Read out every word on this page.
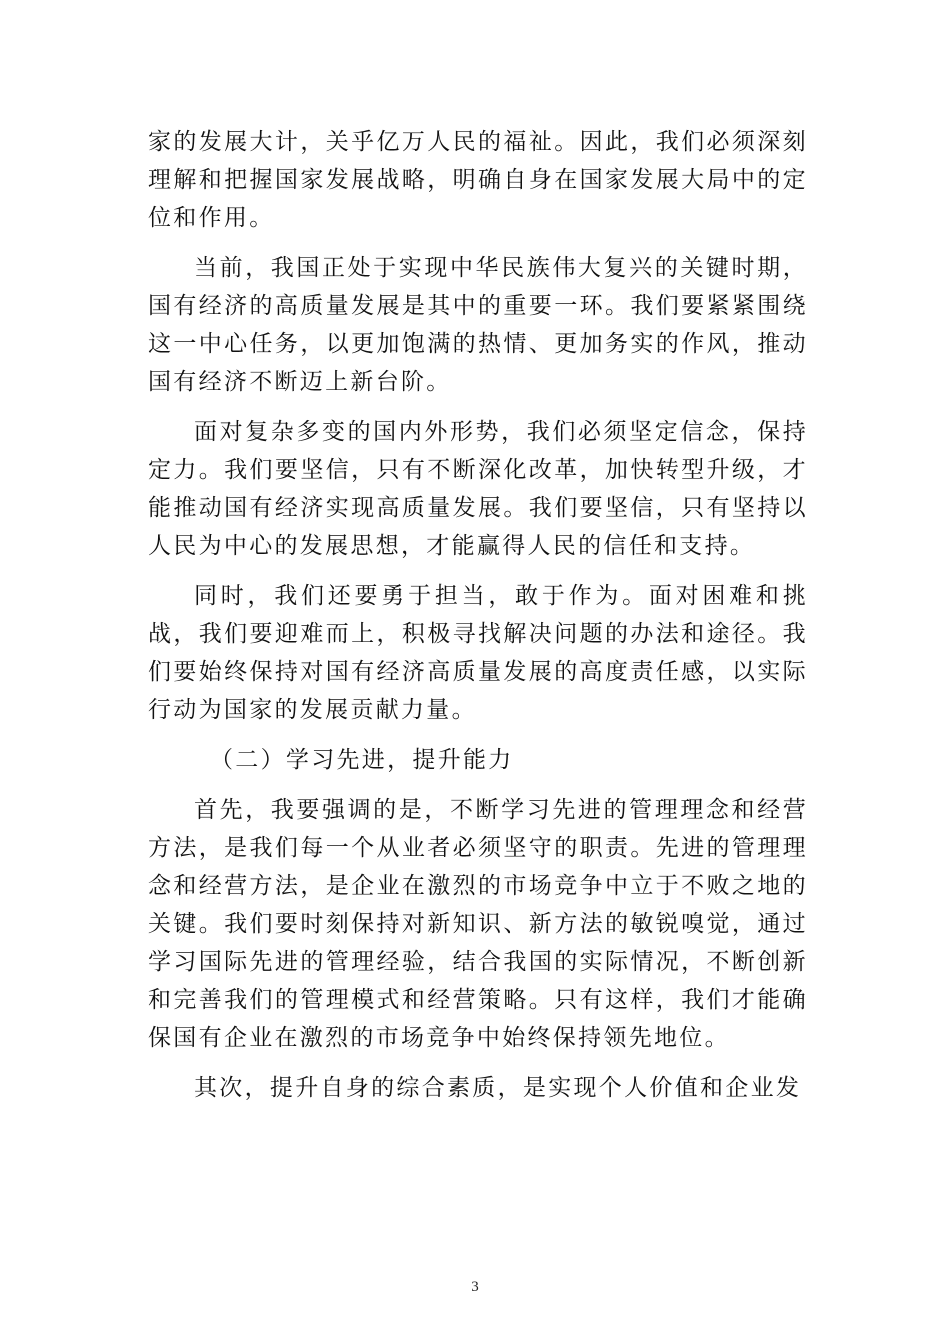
家的发展大计，关乎亿万人民的福祉。因此，我们必须深刻理解和把握国家发展战略，明确自身在国家发展大局中的定位和作用。

当前，我国正处于实现中华民族伟大复兴的关键时期，国有经济的高质量发展是其中的重要一环。我们要紧紧围绕这一中心任务，以更加饱满的热情、更加务实的作风，推动国有经济不断迈上新台阶。

面对复杂多变的国内外形势，我们必须坚定信念，保持定力。我们要坚信，只有不断深化改革，加快转型升级，才能推动国有经济实现高质量发展。我们要坚信，只有坚持以人民为中心的发展思想，才能赢得人民的信任和支持。

同时，我们还要勇于担当，敢于作为。面对困难和挑战，我们要迎难而上，积极寻找解决问题的办法和途径。我们要始终保持对国有经济高质量发展的高度责任感，以实际行动为国家的发展贡献力量。

（二）学习先进，提升能力

首先，我要强调的是，不断学习先进的管理理念和经营方法，是我们每一个从业者必须坚守的职责。先进的管理理念和经营方法，是企业在激烈的市场竞争中立于不败之地的关键。我们要时刻保持对新知识、新方法的敏锐嗅觉，通过学习国际先进的管理经验，结合我国的实际情况，不断创新和完善我们的管理模式和经营策略。只有这样，我们才能确保国有企业在激烈的市场竞争中始终保持领先地位。

其次，提升自身的综合素质，是实现个人价值和企业发

3
